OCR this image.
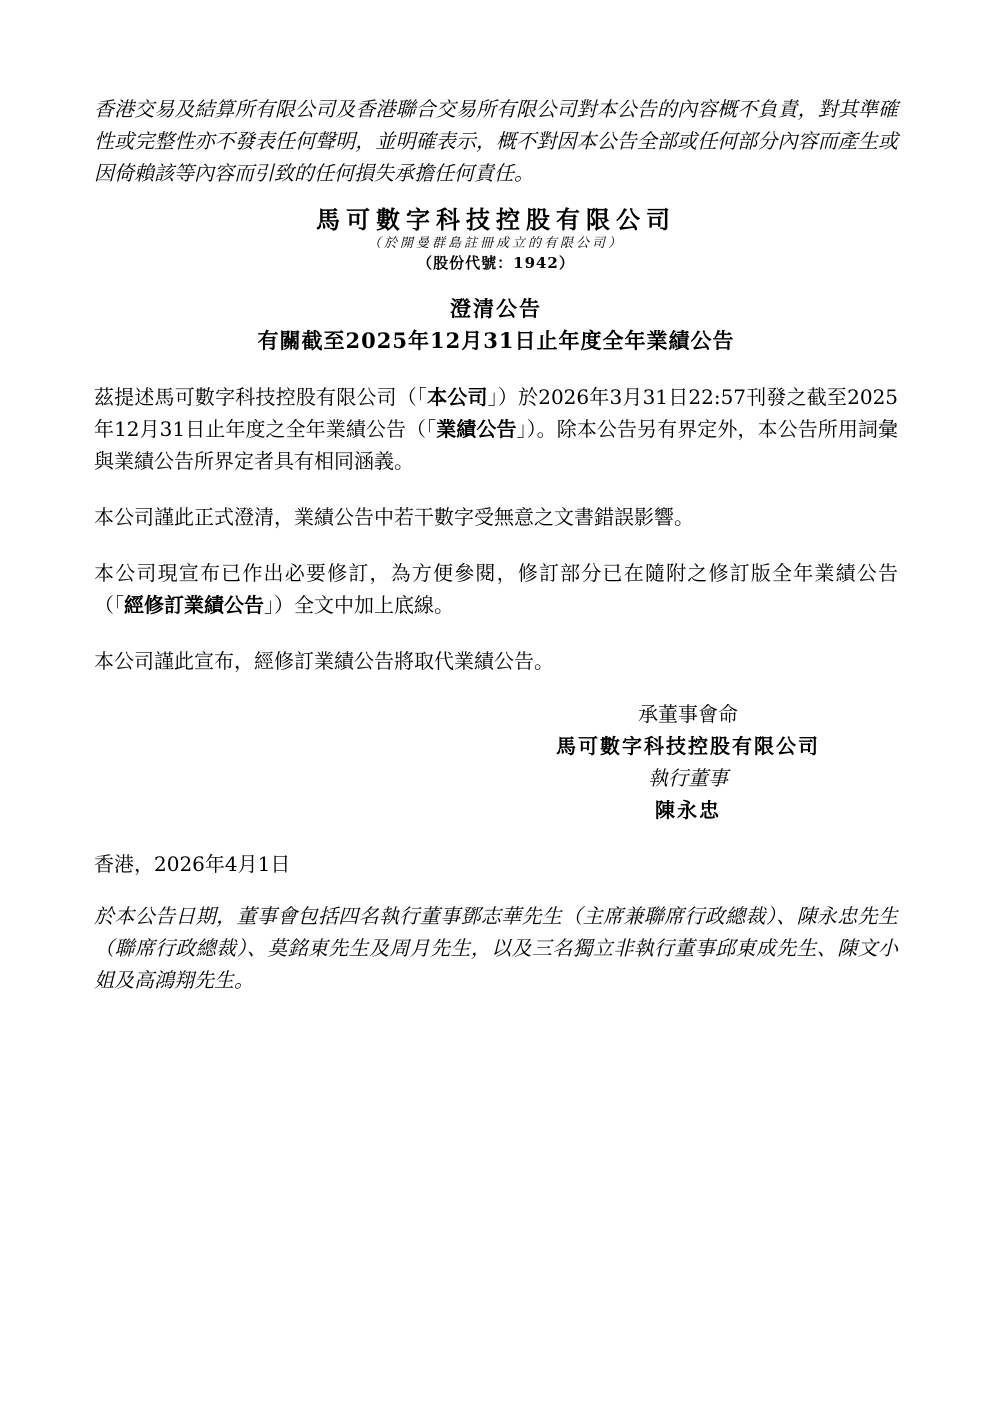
香港交易及結算所有限公司及香港聯合交易所有限公司對本公告的內容概不負責，對其準確性或完整性亦不發表任何聲明，並明確表示，概不對因本公告全部或任何部分內容而產生或因倚賴該等內容而引致的任何損失承擔任何責任。

馬可數字科技控股有限公司
（於開曼群島註冊成立的有限公司）
（股份代號：1942）
澄清公告
有關截至2025年12月31日止年度全年業績公告

茲提述馬可數字科技控股有限公司（「本公司」）於2026年3月31日22:57刊發之截至2025年12月31日止年度之全年業績公告（「業績公告」）。除本公告另有界定外，本公告所用詞彙與業績公告所界定者具有相同涵義。

本公司謹此正式澄清，業績公告中若干數字受無意之文書錯誤影響。

本公司現宣布已作出必要修訂，為方便參閱，修訂部分已在隨附之修訂版全年業績公告（「經修訂業績公告」）全文中加上底線。

本公司謹此宣布，經修訂業績公告將取代業績公告。

承董事會命
馬可數字科技控股有限公司
執行董事
陳永忠

香港，2026年4月1日

於本公告日期，董事會包括四名執行董事鄧志華先生（主席兼聯席行政總裁）、陳永忠先生（聯席行政總裁）、莫銘東先生及周月先生，以及三名獨立非執行董事邱東成先生、陳文小姐及高鴻翔先生。
